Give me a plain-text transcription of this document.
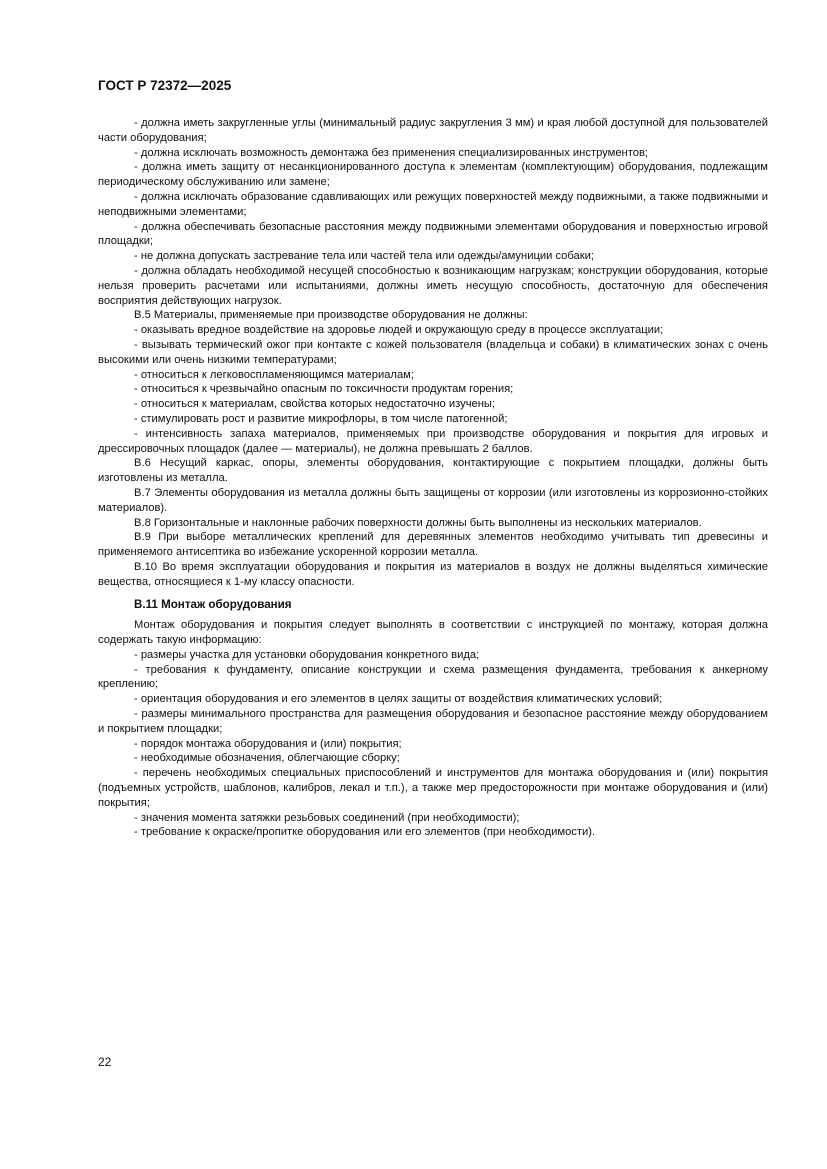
ГОСТ Р 72372—2025

- должна иметь закругленные углы (минимальный радиус закругления 3 мм) и края любой доступной для пользователей части оборудования;

- должна исключать возможность демонтажа без применения специализированных инструментов;

- должна иметь защиту от несанкционированного доступа к элементам (комплектующим) оборудования, подлежащим периодическому обслуживанию или замене;

- должна исключать образование сдавливающих или режущих поверхностей между подвижными, а также подвижными и неподвижными элементами;

- должна обеспечивать безопасные расстояния между подвижными элементами оборудования и поверхностью игровой площадки;

- не должна допускать застревание тела или частей тела или одежды/амуниции собаки;

- должна обладать необходимой несущей способностью к возникающим нагрузкам; конструкции оборудования, которые нельзя проверить расчетами или испытаниями, должны иметь несущую способность, достаточную для обеспечения восприятия действующих нагрузок.

В.5 Материалы, применяемые при производстве оборудования не должны:

- оказывать вредное воздействие на здоровье людей и окружающую среду в процессе эксплуатации;

- вызывать термический ожог при контакте с кожей пользователя (владельца и собаки) в климатических зонах с очень высокими или очень низкими температурами;

- относиться к легковоспламеняющимся материалам;

- относиться к чрезвычайно опасным по токсичности продуктам горения;

- относиться к материалам, свойства которых недостаточно изучены;

- стимулировать рост и развитие микрофлоры, в том числе патогенной;

- интенсивность запаха материалов, применяемых при производстве оборудования и покрытия для игровых и дрессировочных площадок (далее — материалы), не должна превышать 2 баллов.

В.6 Несущий каркас, опоры, элементы оборудования, контактирующие с покрытием площадки, должны быть изготовлены из металла.

В.7 Элементы оборудования из металла должны быть защищены от коррозии (или изготовлены из коррозионно-стойких материалов).

В.8 Горизонтальные и наклонные рабочих поверхности должны быть выполнены из нескольких материалов.

В.9 При выборе металлических креплений для деревянных элементов необходимо учитывать тип древесины и применяемого антисептика во избежание ускоренной коррозии металла.

В.10 Во время эксплуатации оборудования и покрытия из материалов в воздух не должны выделяться химические вещества, относящиеся к 1-му классу опасности.

В.11 Монтаж оборудования

Монтаж оборудования и покрытия следует выполнять в соответствии с инструкцией по монтажу, которая должна содержать такую информацию:

- размеры участка для установки оборудования конкретного вида;

- требования к фундаменту, описание конструкции и схема размещения фундамента, требования к анкерному креплению;

- ориентация оборудования и его элементов в целях защиты от воздействия климатических условий;

- размеры минимального пространства для размещения оборудования и безопасное расстояние между оборудованием и покрытием площадки;

- порядок монтажа оборудования и (или) покрытия;

- необходимые обозначения, облегчающие сборку;

- перечень необходимых специальных приспособлений и инструментов для монтажа оборудования и (или) покрытия (подъемных устройств, шаблонов, калибров, лекал и т.п.), а также мер предосторожности при монтаже оборудования и (или) покрытия;

- значения момента затяжки резьбовых соединений (при необходимости);

- требование к окраске/пропитке оборудования или его элементов (при необходимости).

22
